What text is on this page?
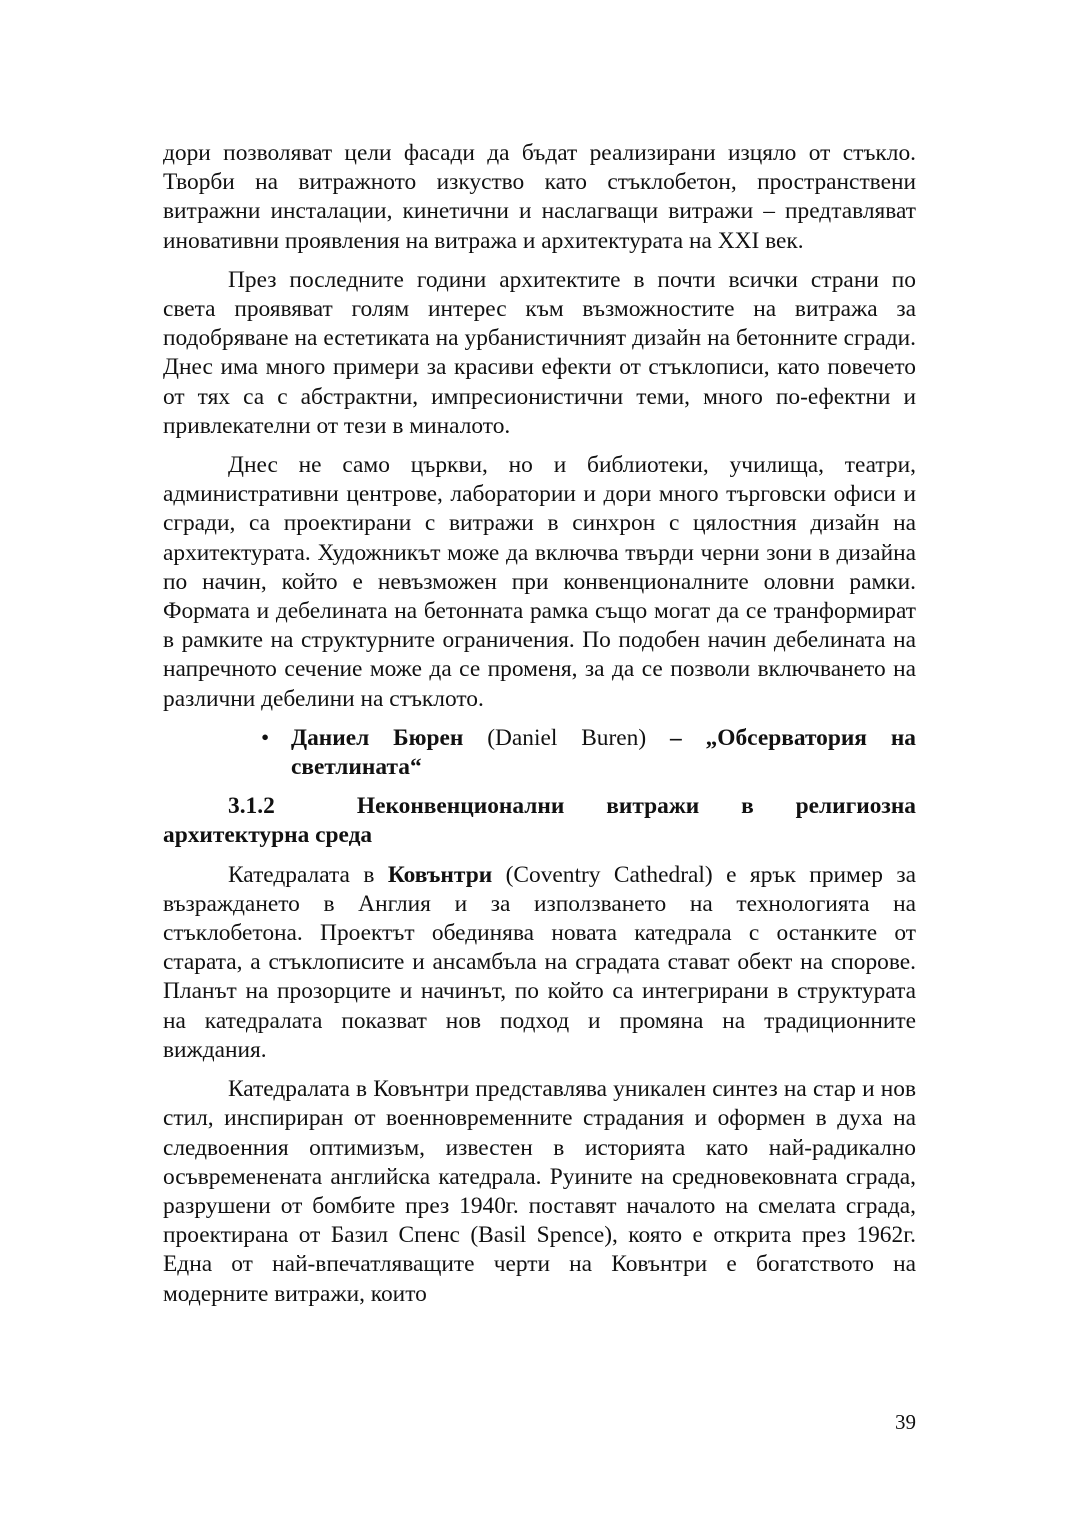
дори позволяват цели фасади да бъдат реализирани изцяло от стъкло. Творби на витражното изкуство като стъклобетон, пространствени витражни инсталации, кинетични и наслагващи витражи – предтавляват иновативни проявления на витража и архитектурата на XXI век.

През последните години архитектите в почти всички страни по света проявяват голям интерес към възможностите на витража за подобряване на естетиката на урбанистичният дизайн на бетонните сгради. Днес има много примери за красиви ефекти от стъклописи, като повечето от тях са с абстрактни, импресионистични теми, много по-ефектни и привлекателни от тези в миналото.

Днес не само църкви, но и библиотеки, училища, театри, административни центрове, лаборатории и дори много търговски офиси и сгради, са проектирани с витражи в синхрон с цялостния дизайн на архитектурата. Художникът може да включва твърди черни зони в дизайна по начин, който е невъзможен при конвенционалните оловни рамки. Формата и дебелината на бетонната рамка също могат да се транформират в рамките на структурните ограничения. По подобен начин дебелината на напречното сечение може да се променя, за да се позволи включването на различни дебелини на стъклото.

• Даниел Бюрен (Daniel Buren) – „Обсерватория на светлината“

3.1.2	Неконвенционални витражи в религиозна архитектурна среда

Катедралата в Ковънтри (Coventry Cathedral) е ярък пример за възраждането в Англия и за използването на технологията на стъклобетона. Проектът обединява новата катедрала с останките от старата, а стъклописите и ансамбъла на сградата стават обект на спорове. Планът на прозорците и начинът, по който са интегрирани в структурата на катедралата показват нов подход и промяна на традиционните виждания.

Катедралата в Ковънтри представлява уникален синтез на стар и нов стил, инспириран от военновременните страдания и оформен в духа на следвоенния оптимизъм, известен в историята като най-радикално осъвременената английска катедрала. Руините на средновековната сграда, разрушени от бомбите през 1940г. поставят началото на смелата сграда, проектирана от Базил Спенс (Basil Spence), която е открита през 1962г. Една от най-впечатляващите черти на Ковънтри е богатството на модерните витражи, които

39
